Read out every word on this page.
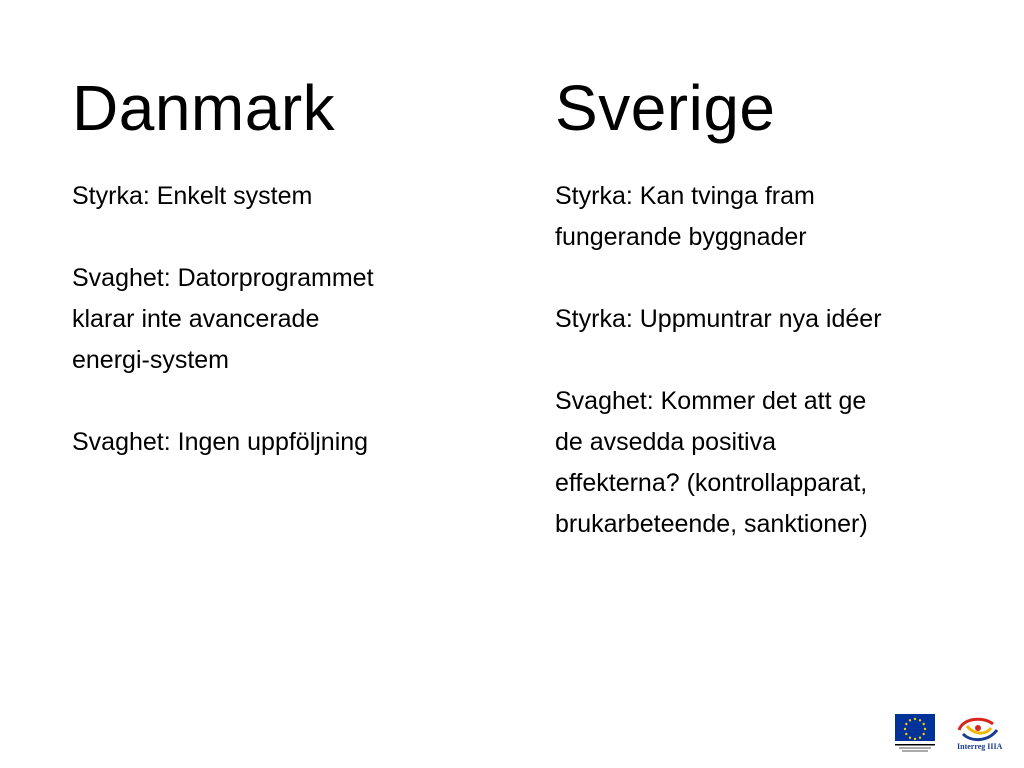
Danmark

Styrka: Enkelt system

Svaghet: Datorprogrammet
klarar inte avancerade
energi-system

Svaghet: Ingen uppföljning

Sverige

Styrka: Kan tvinga fram
fungerande byggnader

Styrka: Uppmuntrar nya idéer

Svaghet: Kommer det att ge
de avsedda positiva
effekterna? (kontrollapparat,
brukarbeteende, sanktioner)

Interreg IIIA
